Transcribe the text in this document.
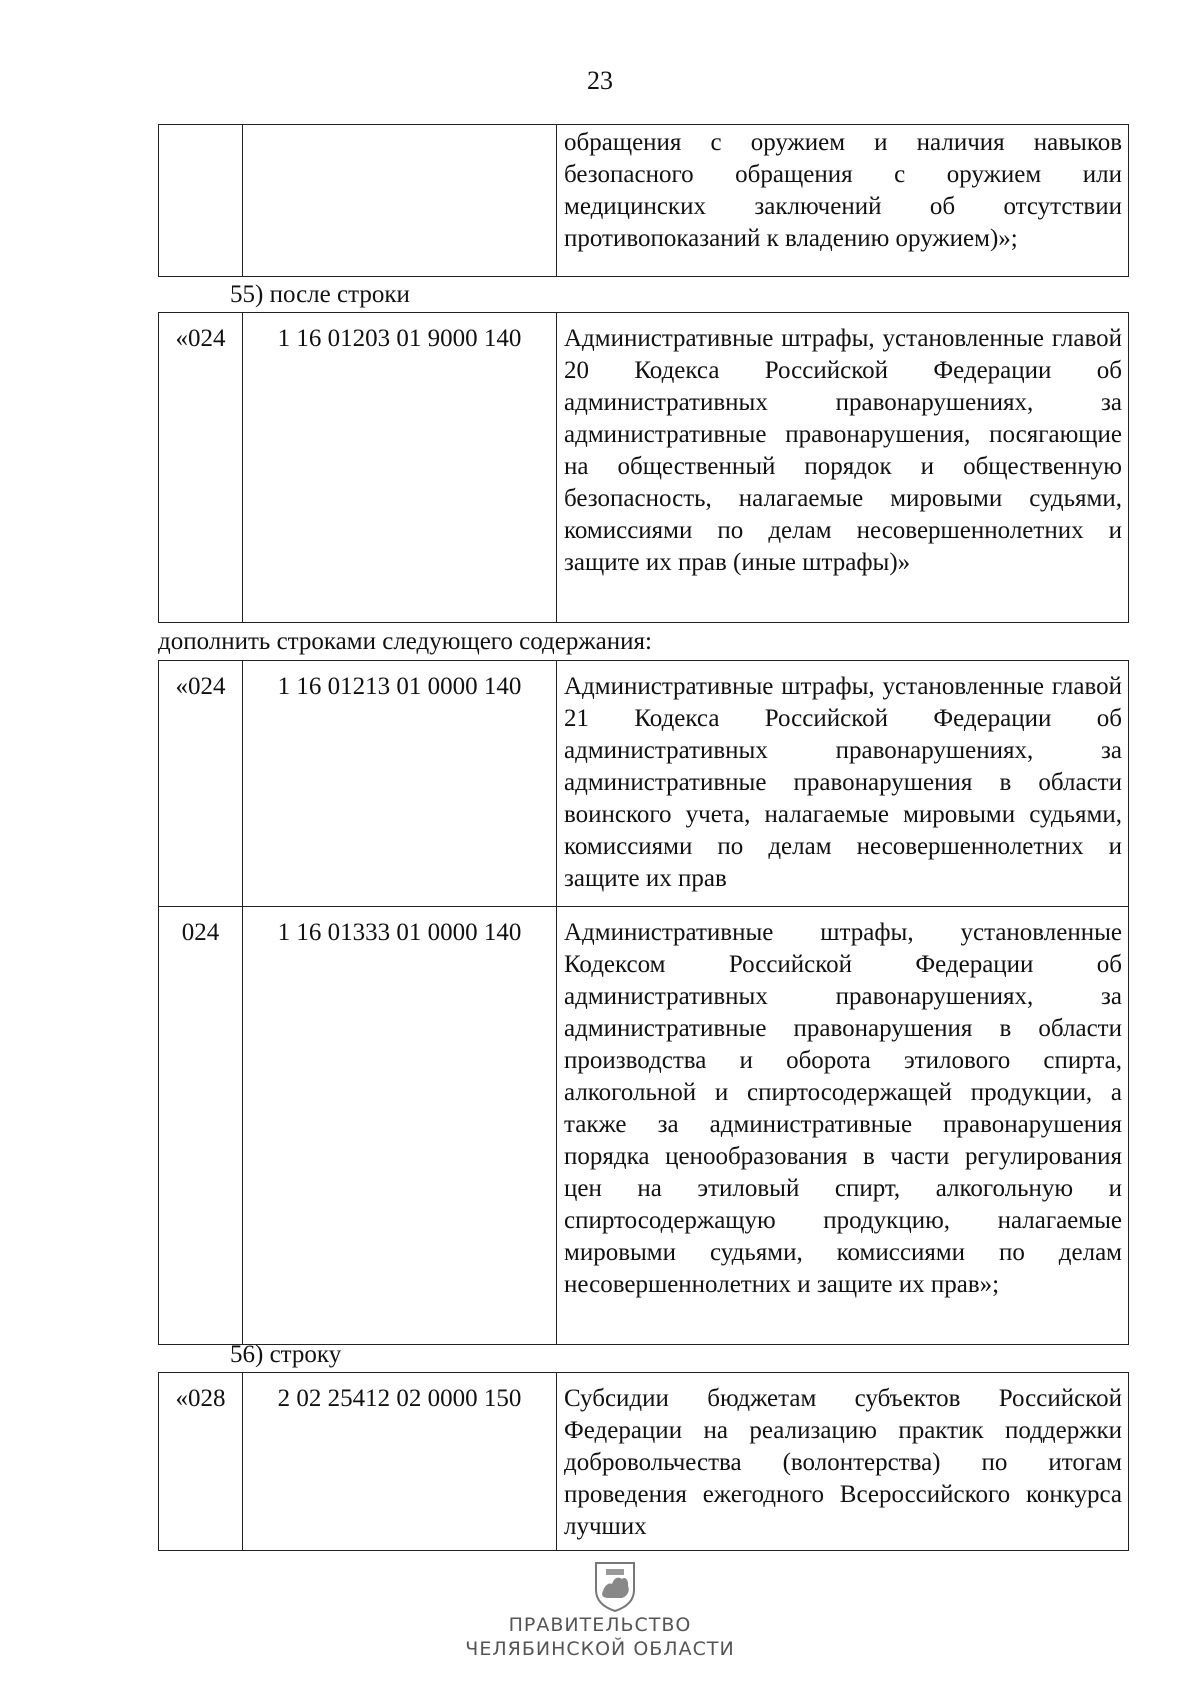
23
		обращения с оружием и наличия навыков безопасного обращения с оружием или медицинских заключений об отсутствии противопоказаний к владению оружием)»;
55) после строки
«024	1 16 01203 01 9000 140	Административные штрафы, установленные главой 20 Кодекса Российской Федерации об административных правонарушениях, за административные правонарушения, посягающие на общественный порядок и общественную безопасность, налагаемые мировыми судьями, комиссиями по делам несовершеннолетних и защите их прав (иные штрафы)»
дополнить строками следующего содержания:
«024	1 16 01213 01 0000 140	Административные штрафы, установленные главой 21 Кодекса Российской Федерации об административных правонарушениях, за административные правонарушения в области воинского учета, налагаемые мировыми судьями, комиссиями по делам несовершеннолетних и защите их прав
024	1 16 01333 01 0000 140	Административные штрафы, установленные Кодексом Российской Федерации об административных правонарушениях, за административные правонарушения в области производства и оборота этилового спирта, алкогольной и спиртосодержащей продукции, а также за административные правонарушения порядка ценообразования в части регулирования цен на этиловый спирт, алкогольную и спиртосодержащую продукцию, налагаемые мировыми судьями, комиссиями по делам несовершеннолетних и защите их прав»;
56) строку
«028	2 02 25412 02 0000 150	Субсидии бюджетам субъектов Российской Федерации на реализацию практик поддержки добровольчества (волонтерства) по итогам проведения ежегодного Всероссийского конкурса лучших
ПРАВИТЕЛЬСТВО
ЧЕЛЯБИНСКОЙ ОБЛАСТИ
